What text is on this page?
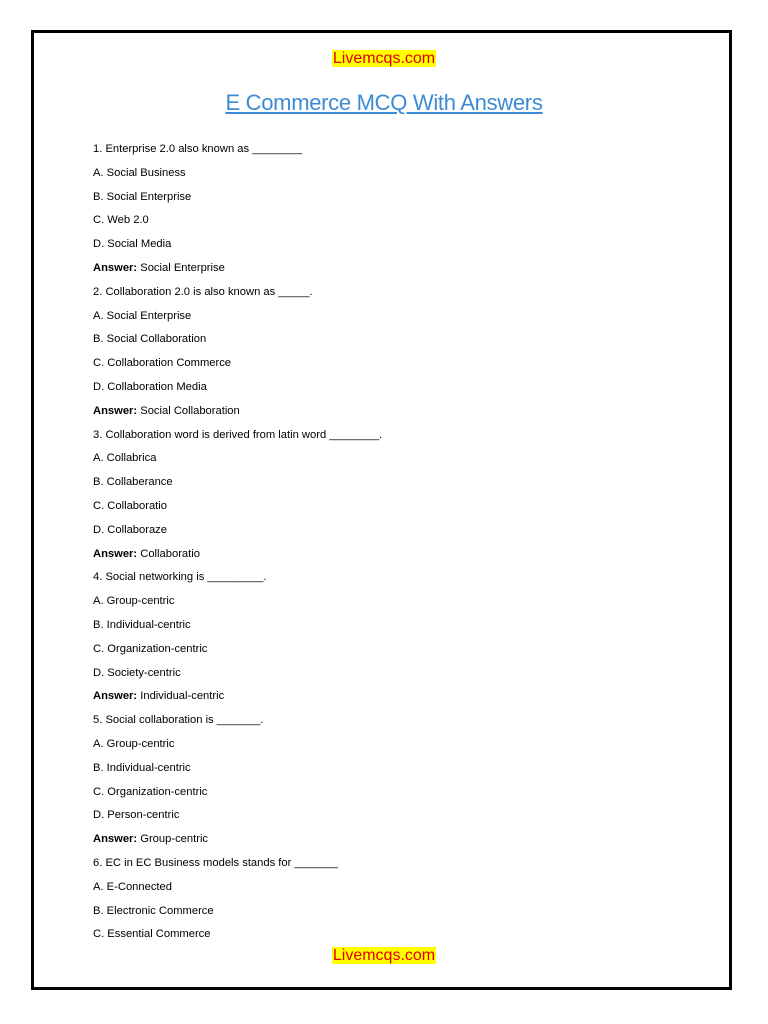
Livemcqs.com
E Commerce MCQ With Answers
1. Enterprise 2.0 also known as ________
A. Social Business
B. Social Enterprise
C. Web 2.0
D. Social Media
Answer: Social Enterprise
2. Collaboration 2.0 is also known as _____.
A. Social Enterprise
B. Social Collaboration
C. Collaboration Commerce
D. Collaboration Media
Answer: Social Collaboration
3. Collaboration word is derived from latin word ________.
A. Collabrica
B. Collaberance
C. Collaboratio
D. Collaboraze
Answer: Collaboratio
4. Social networking is _________.
A. Group-centric
B. Individual-centric
C. Organization-centric
D. Society-centric
Answer: Individual-centric
5. Social collaboration is _______.
A. Group-centric
B. Individual-centric
C. Organization-centric
D. Person-centric
Answer: Group-centric
6. EC in EC Business models stands for _______
A. E-Connected
B. Electronic Commerce
C. Essential Commerce
Livemcqs.com
